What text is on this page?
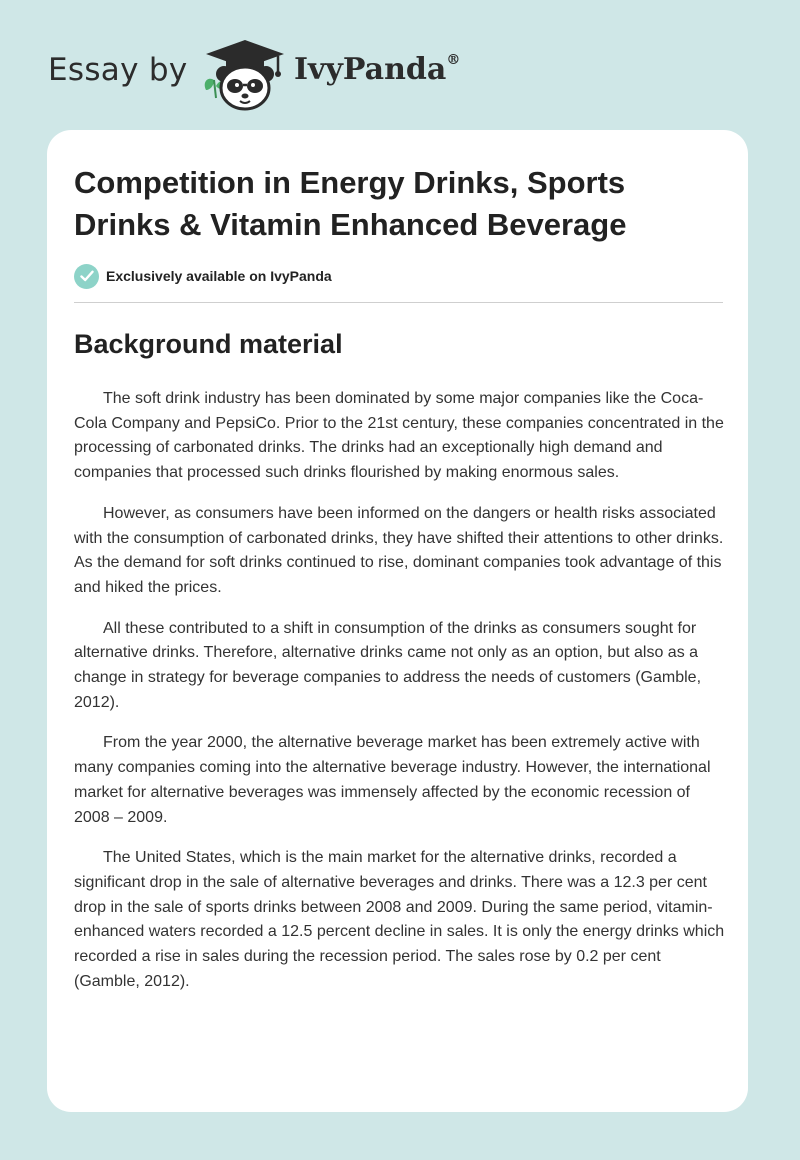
Essay by	IvyPanda®
Competition in Energy Drinks, Sports Drinks & Vitamin Enhanced Beverage
Exclusively available on IvyPanda
Background material

The soft drink industry has been dominated by some major companies like the Coca-Cola Company and PepsiCo. Prior to the 21st century, these companies concentrated in the processing of carbonated drinks. The drinks had an exceptionally high demand and companies that processed such drinks flourished by making enormous sales.

However, as consumers have been informed on the dangers or health risks associated with the consumption of carbonated drinks, they have shifted their attentions to other drinks. As the demand for soft drinks continued to rise, dominant companies took advantage of this and hiked the prices.

All these contributed to a shift in consumption of the drinks as consumers sought for alternative drinks. Therefore, alternative drinks came not only as an option, but also as a change in strategy for beverage companies to address the needs of customers (Gamble, 2012).

From the year 2000, the alternative beverage market has been extremely active with many companies coming into the alternative beverage industry. However, the international market for alternative beverages was immensely affected by the economic recession of 2008 – 2009.

The United States, which is the main market for the alternative drinks, recorded a significant drop in the sale of alternative beverages and drinks. There was a 12.3 per cent drop in the sale of sports drinks between 2008 and 2009. During the same period, vitamin-enhanced waters recorded a 12.5 percent decline in sales. It is only the energy drinks which recorded a rise in sales during the recession period. The sales rose by 0.2 per cent (Gamble, 2012).
